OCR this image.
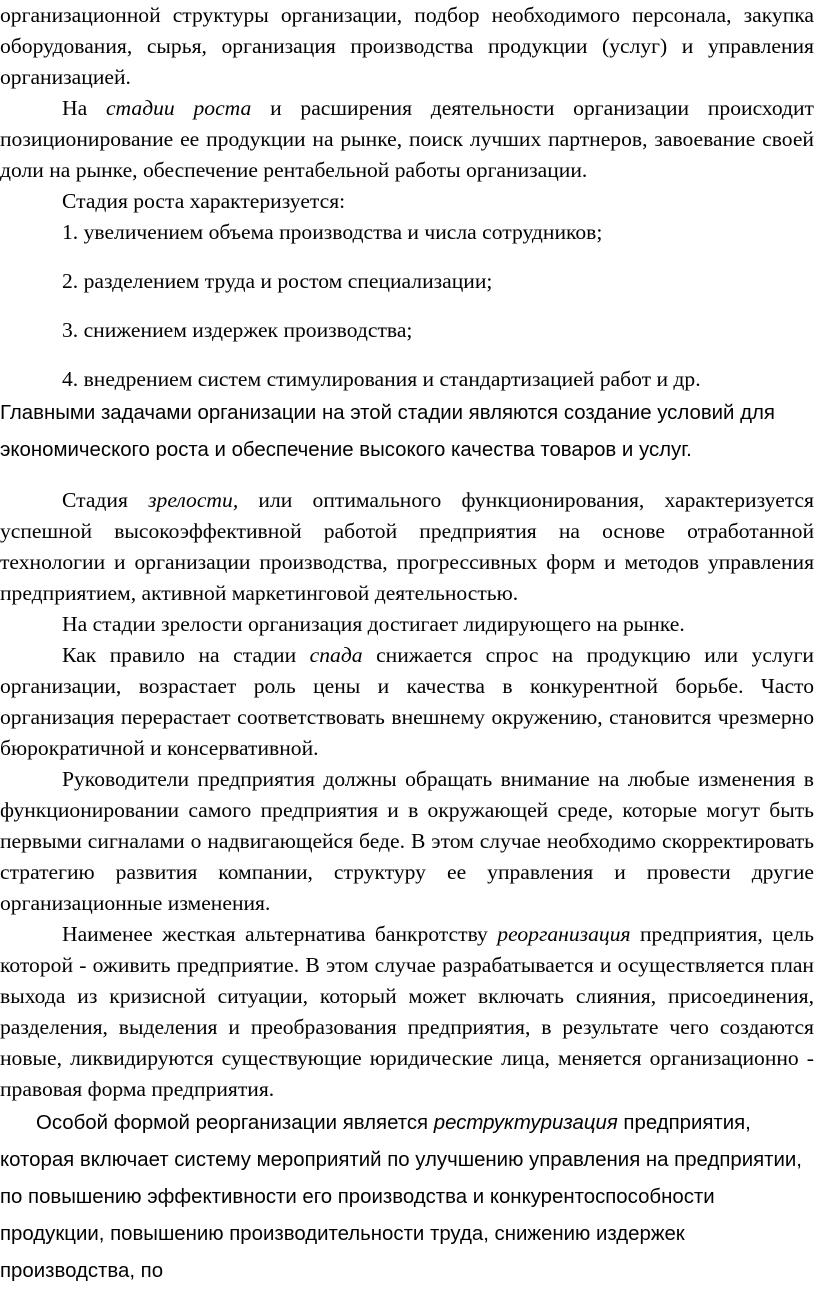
организационной структуры организации, подбор необходимого персонала, закупка оборудования, сырья, организация производства продукции (услуг) и управления организацией.

На стадии роста и расширения деятельности организации происходит позиционирование ее продукции на рынке, поиск лучших партнеров, завоевание своей доли на рынке, обеспечение рентабельной работы организации.

Стадия роста характеризуется:

1. увеличением объема производства и числа сотрудников;

2. разделением труда и ростом специализации;

3. снижением издержек производства;

4. внедрением систем стимулирования и стандартизацией работ и др.

Главными задачами организации на этой стадии являются создание условий для экономического роста и обеспечение высокого качества товаров и услуг.

Стадия зрелости, или оптимального функционирования, характеризуется успешной высокоэффективной работой предприятия на основе отработанной технологии и организации производства, прогрессивных форм и методов управления предприятием, активной маркетинговой деятельностью.

На стадии зрелости организация достигает лидирующего на рынке.

Как правило на стадии спада снижается спрос на продукцию или услуги организации, возрастает роль цены и качества в конкурентной борьбе. Часто организация перерастает соответствовать внешнему окружению, становится чрезмерно бюрократичной и консервативной.

Руководители предприятия должны обращать внимание на любые изменения в функционировании самого предприятия и в окружающей среде, которые могут быть первыми сигналами о надвигающейся беде. В этом случае необходимо скорректировать стратегию развития компании, структуру ее управления и провести другие организационные изменения.

Наименее жесткая альтернатива банкротству реорганизация предприятия, цель которой - оживить предприятие. В этом случае разрабатывается и осуществляется план выхода из кризисной ситуации, который может включать слияния, присоединения, разделения, выделения и преобразования предприятия, в результате чего создаются новые, ликвидируются существующие юридические лица, меняется организационно - правовая форма предприятия.

Особой формой реорганизации является реструктуризация предприятия, которая включает систему мероприятий по улучшению управления на предприятии, по повышению эффективности его производства и конкурентоспособности продукции, повышению производительности труда, снижению издержек производства, по
